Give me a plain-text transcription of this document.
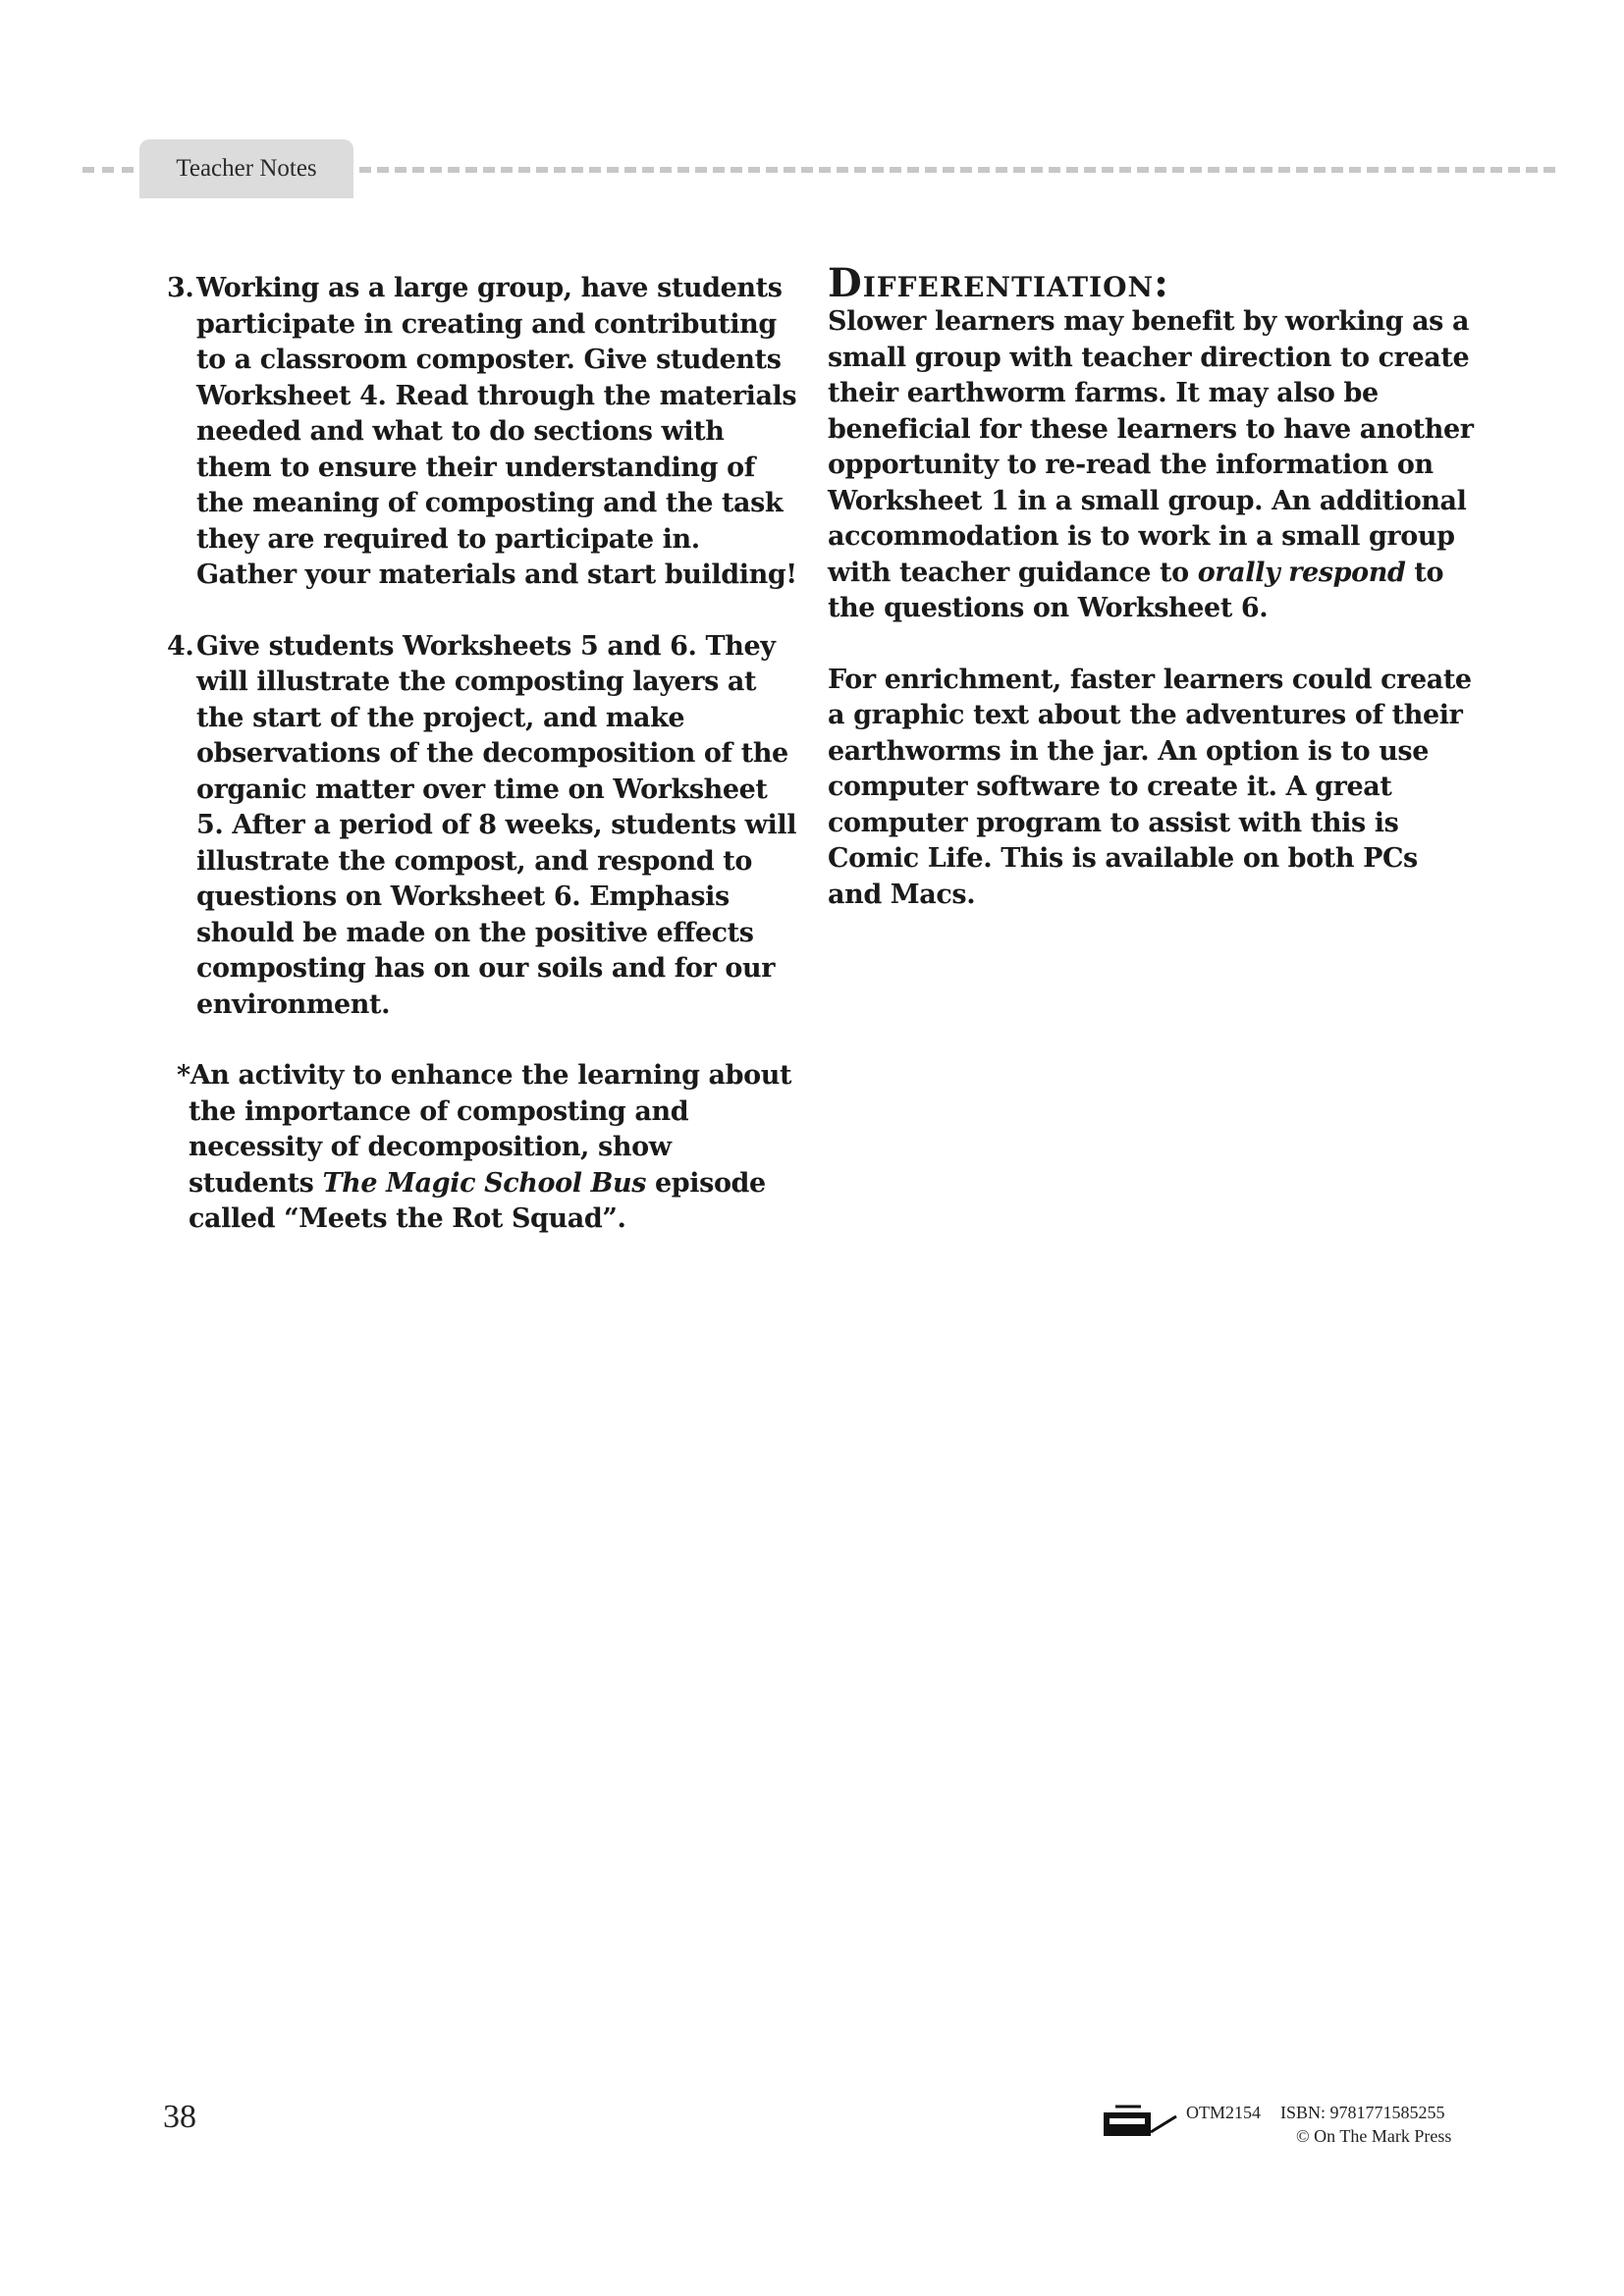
Teacher Notes
3. Working as a large group, have students participate in creating and contributing to a classroom composter. Give students Worksheet 4. Read through the materials needed and what to do sections with them to ensure their understanding of the meaning of composting and the task they are required to participate in. Gather your materials and start building!
4. Give students Worksheets 5 and 6. They will illustrate the composting layers at the start of the project, and make observations of the decomposition of the organic matter over time on Worksheet 5. After a period of 8 weeks, students will illustrate the compost, and respond to questions on Worksheet 6. Emphasis should be made on the positive effects composting has on our soils and for our environment.
*An activity to enhance the learning about the importance of composting and necessity of decomposition, show students The Magic School Bus episode called “Meets the Rot Squad”.
Differentiation:

Slower learners may benefit by working as a small group with teacher direction to create their earthworm farms. It may also be beneficial for these learners to have another opportunity to re-read the information on Worksheet 1 in a small group. An additional accommodation is to work in a small group with teacher guidance to orally respond to the questions on Worksheet 6.

For enrichment, faster learners could create a graphic text about the adventures of their earthworms in the jar. An option is to use computer software to create it. A great computer program to assist with this is Comic Life. This is available on both PCs and Macs.

38	OTM2154 ISBN: 9781771585255
© On The Mark Press
